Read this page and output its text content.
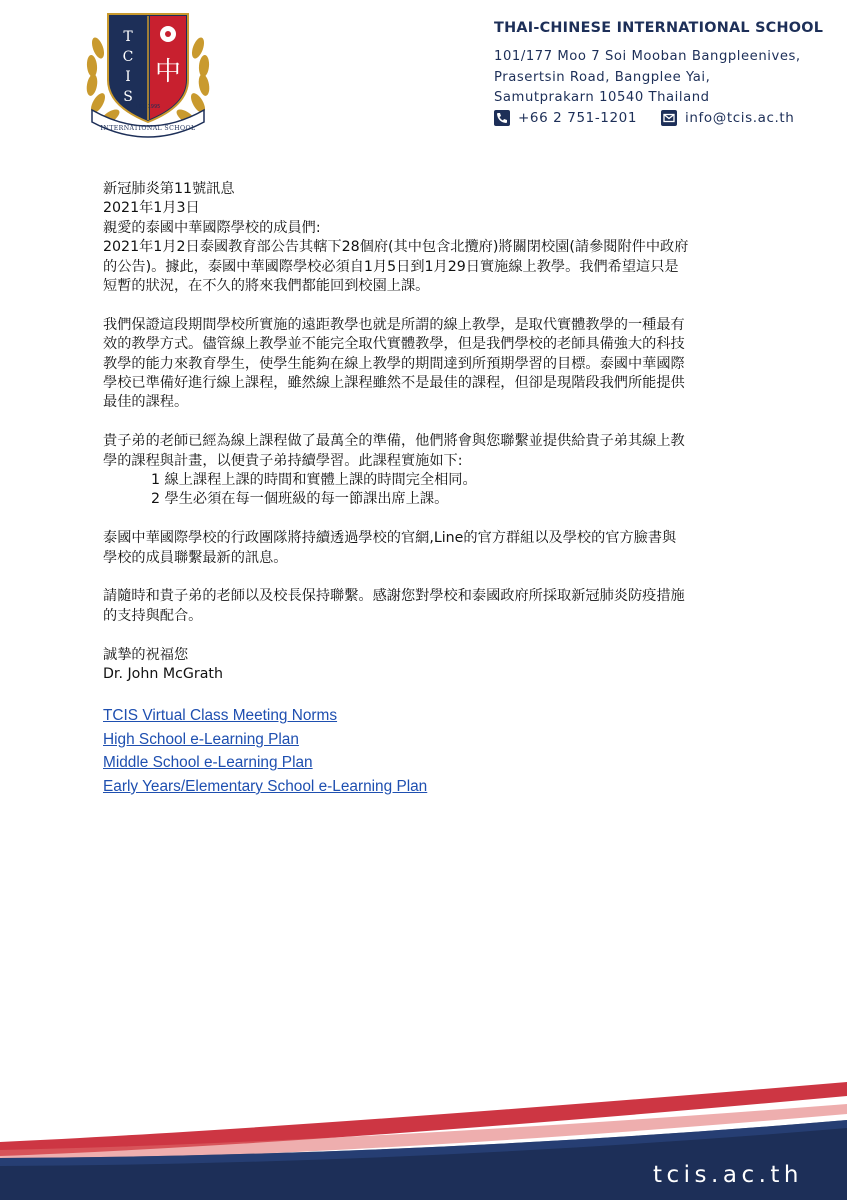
T
C
I
S
中
EST. 1995
INTERNATIONAL SCHOOL
THAI-CHINESE INTERNATIONAL SCHOOL
101/177 Moo 7 Soi Mooban Bangpleenives,
Prasertsin Road, Bangplee Yai,
Samutprakarn 10540 Thailand
+66 2 751-1201	info@tcis.ac.th

新冠肺炎第11號訊息

2021年1月3日

親愛的泰國中華國際學校的成員們:

2021年1月2日泰國教育部公告其轄下28個府(其中包含北攬府)將關閉校園(請參閱附件中政府

的公告)。據此，泰國中華國際學校必須自1月5日到1月29日實施線上教學。我們希望這只是

短暫的狀況，在不久的將來我們都能回到校園上課。

我們保證這段期間學校所實施的遠距教學也就是所謂的線上教學，是取代實體教學的一種最有

效的教學方式。儘管線上教學並不能完全取代實體教學，但是我們學校的老師具備強大的科技

教學的能力來教育學生，使學生能夠在線上教學的期間達到所預期學習的目標。泰國中華國際

學校已準備好進行線上課程，雖然線上課程雖然不是最佳的課程，但卻是現階段我們所能提供

最佳的課程。

貴子弟的老師已經為線上課程做了最萬全的準備，他們將會與您聯繫並提供給貴子弟其線上教

學的課程與計畫，以便貴子弟持續學習。此課程實施如下:

1 線上課程上課的時間和實體上課的時間完全相同。

2 學生必須在每一個班級的每一節課出席上課。

泰國中華國際學校的行政團隊將持續透過學校的官網,Line的官方群組以及學校的官方臉書與

學校的成員聯繫最新的訊息。

請隨時和貴子弟的老師以及校長保持聯繫。感謝您對學校和泰國政府所採取新冠肺炎防疫措施

的支持與配合。

誠摯的祝福您

Dr. John McGrath

TCIS Virtual Class Meeting Norms
High School e-Learning Plan
Middle School e-Learning Plan
Early Years/Elementary School e-Learning Plan
tcis.ac.th
